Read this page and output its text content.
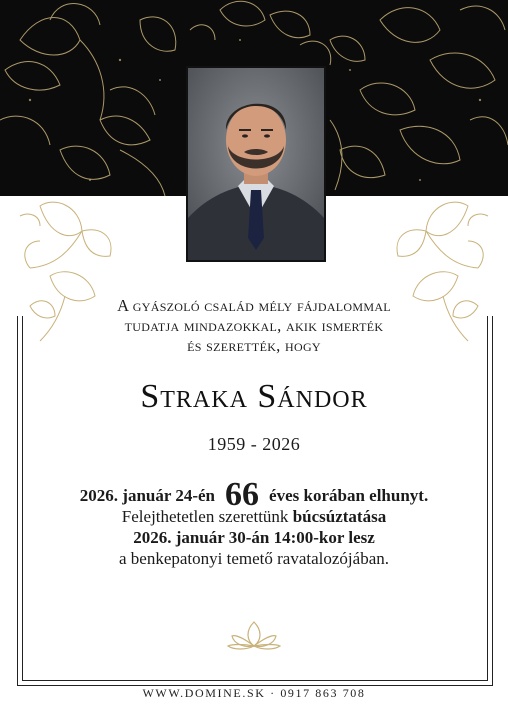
A gyászoló család mély fájdalommal
tudatja mindazokkal, akik ismerték
és szerették, hogy
Straka Sándor
1959 - 2026
2026. január 24-én 66 éves korában elhunyt.
Felejthetetlen szerettünk búcsúztatása
2026. január 30-án 14:00-kor lesz
a benkepatonyi temető ravatalozójában.
WWW.DOMINE.SK · 0917 863 708
